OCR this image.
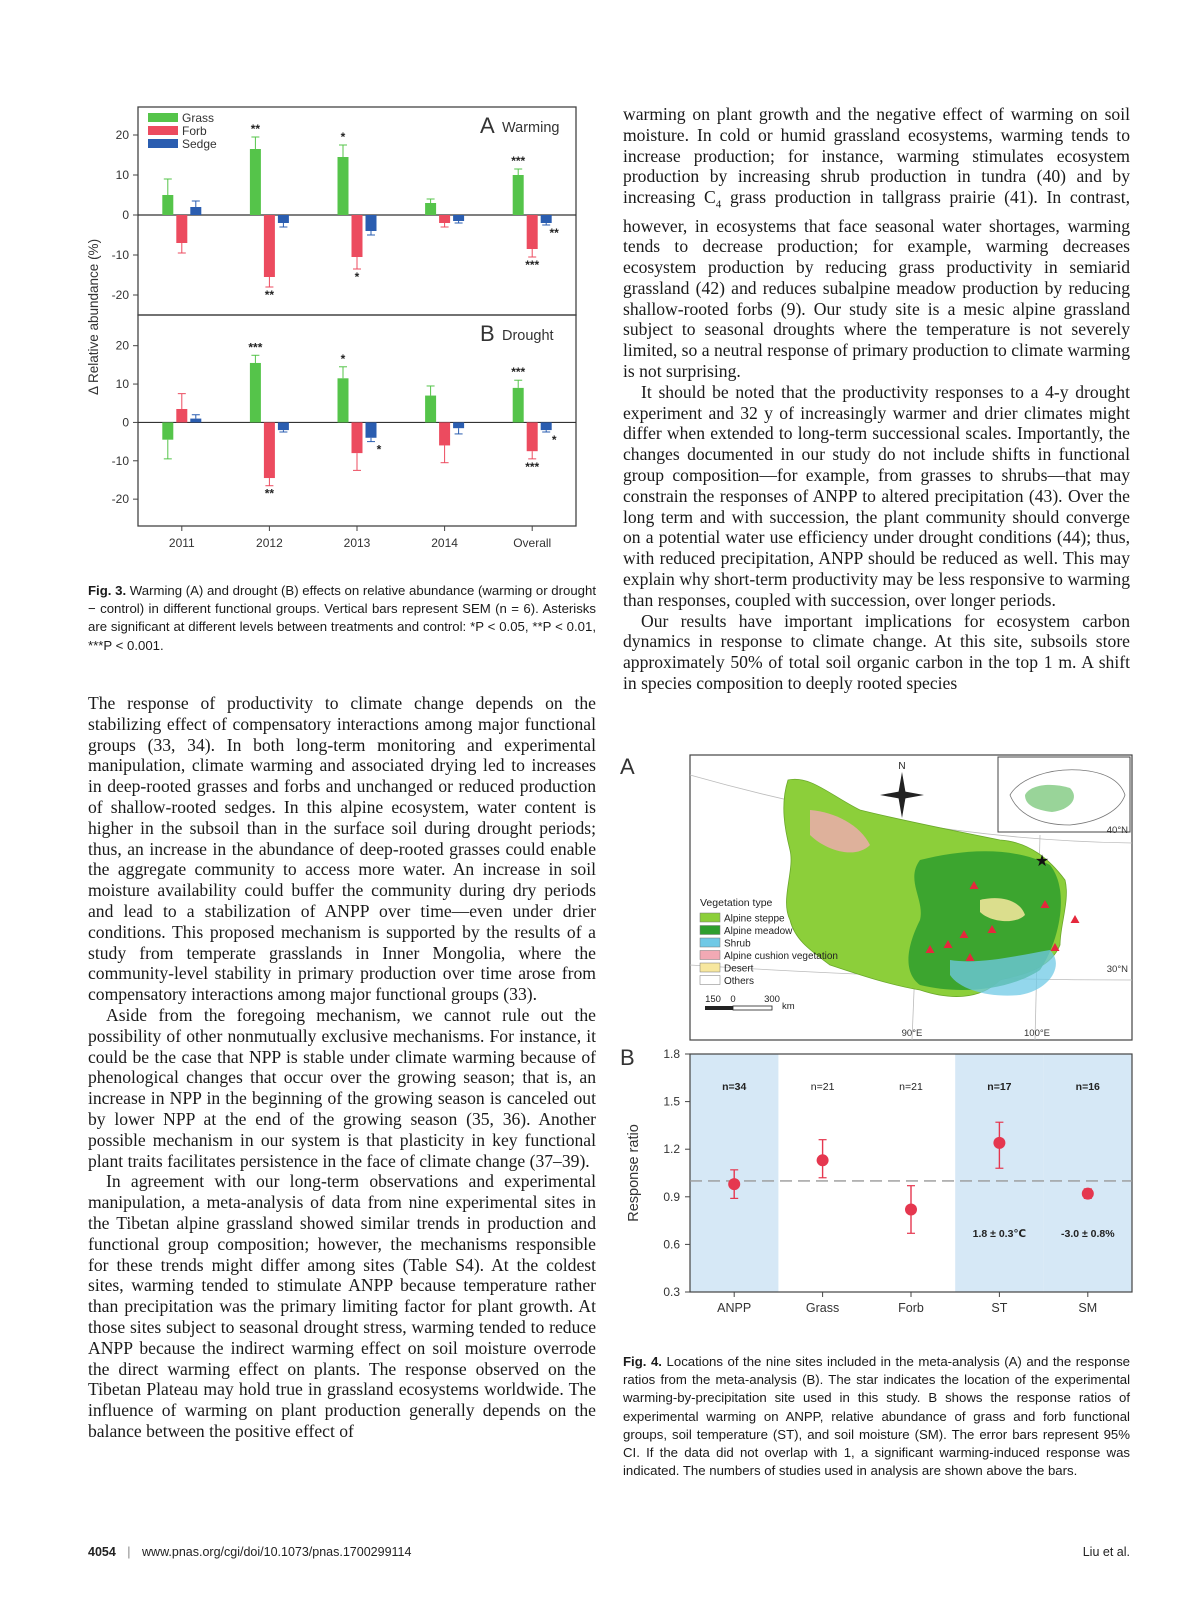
-20
-10
0
10
20	A Warming
**
**
*
*
***
***
**
-20
-10
0
10
20	B Drought
2011	2012
***
**
2013
*
*
2014	Overall
***
***
*
Grass
Forb
Sedge
Δ Relative abundance (%)
Fig. 3. Warming (A) and drought (B) effects on relative abundance (warming or drought − control) in different functional groups. Vertical bars represent SEM (n = 6). Asterisks are significant at different levels between treatments and control: *P < 0.05, **P < 0.01, ***P < 0.001.

The response of productivity to climate change depends on the stabilizing effect of compensatory interactions among major functional groups (33, 34). In both long-term monitoring and experimental manipulation, climate warming and associated drying led to increases in deep-rooted grasses and forbs and unchanged or reduced production of shallow-rooted sedges. In this alpine ecosystem, water content is higher in the subsoil than in the surface soil during drought periods; thus, an increase in the abundance of deep-rooted grasses could enable the aggregate community to access more water. An increase in soil moisture availability could buffer the community during dry periods and lead to a stabilization of ANPP over time—even under drier conditions. This proposed mechanism is supported by the results of a study from temperate grasslands in Inner Mongolia, where the community-level stability in primary production over time arose from compensatory interactions among major functional groups (33).

Aside from the foregoing mechanism, we cannot rule out the possibility of other nonmutually exclusive mechanisms. For instance, it could be the case that NPP is stable under climate warming because of phenological changes that occur over the growing season; that is, an increase in NPP in the beginning of the growing season is canceled out by lower NPP at the end of the growing season (35, 36). Another possible mechanism in our system is that plasticity in key functional plant traits facilitates persistence in the face of climate change (37–39).

In agreement with our long-term observations and experimental manipulation, a meta-analysis of data from nine experimental sites in the Tibetan alpine grassland showed similar trends in production and functional group composition; however, the mechanisms responsible for these trends might differ among sites (Table S4). At the coldest sites, warming tended to stimulate ANPP because temperature rather than precipitation was the primary limiting factor for plant growth. At those sites subject to seasonal drought stress, warming tended to reduce ANPP because the indirect warming effect on soil moisture overrode the direct warming effect on plants. The response observed on the Tibetan Plateau may hold true in grassland ecosystems worldwide. The influence of warming on plant production generally depends on the balance between the positive effect of

warming on plant growth and the negative effect of warming on soil moisture. In cold or humid grassland ecosystems, warming tends to increase production; for instance, warming stimulates ecosystem production by increasing shrub production in tundra (40) and by increasing $C_4$ grass production in tallgrass prairie (41). In contrast, however, in ecosystems that face seasonal water shortages, warming tends to decrease production; for example, warming decreases ecosystem production by reducing grass productivity in semiarid grassland (42) and reduces subalpine meadow production by reducing shallow-rooted forbs (9). Our study site is a mesic alpine grassland subject to seasonal droughts where the temperature is not severely limited, so a neutral response of primary production to climate warming is not surprising.

It should be noted that the productivity responses to a 4-y drought experiment and 32 y of increasingly warmer and drier climates might differ when extended to long-term successional scales. Importantly, the changes documented in our study do not include shifts in functional group composition—for example, from grasses to shrubs—that may constrain the responses of ANPP to altered precipitation (43). Over the long term and with succession, the plant community should converge on a potential water use efficiency under drought conditions (44); thus, with reduced precipitation, ANPP should be reduced as well. This may explain why short-term productivity may be less responsive to warming than responses, coupled with succession, over longer periods.

Our results have important implications for ecosystem carbon dynamics in response to climate change. At this site, subsoils store approximately 50% of total soil organic carbon in the top 1 m. A shift in species composition to deeply rooted species

A
B
★
N
40°N
30°N
90°E	100°E
Vegetation type
Alpine steppe
Alpine meadow
Shrub
Alpine cushion vegetation
Desert
Others
150 0	300
km
0.3
0.6
0.9
1.2
1.5
1.8
Response ratio
ANPP
n=34
Grass
n=21
Forb
n=21
ST
n=17
1.8 ± 0.3℃
SM
n=16
-3.0 ± 0.8%
Fig. 4. Locations of the nine sites included in the meta-analysis (A) and the response ratios from the meta-analysis (B). The star indicates the location of the experimental warming-by-precipitation site used in this study. B shows the response ratios of experimental warming on ANPP, relative abundance of grass and forb functional groups, soil temperature (ST), and soil moisture (SM). The error bars represent 95% CI. If the data did not overlap with 1, a significant warming-induced response was indicated. The numbers of studies used in analysis are shown above the bars.
4054 | www.pnas.org/cgi/doi/10.1073/pnas.1700299114	Liu et al.
